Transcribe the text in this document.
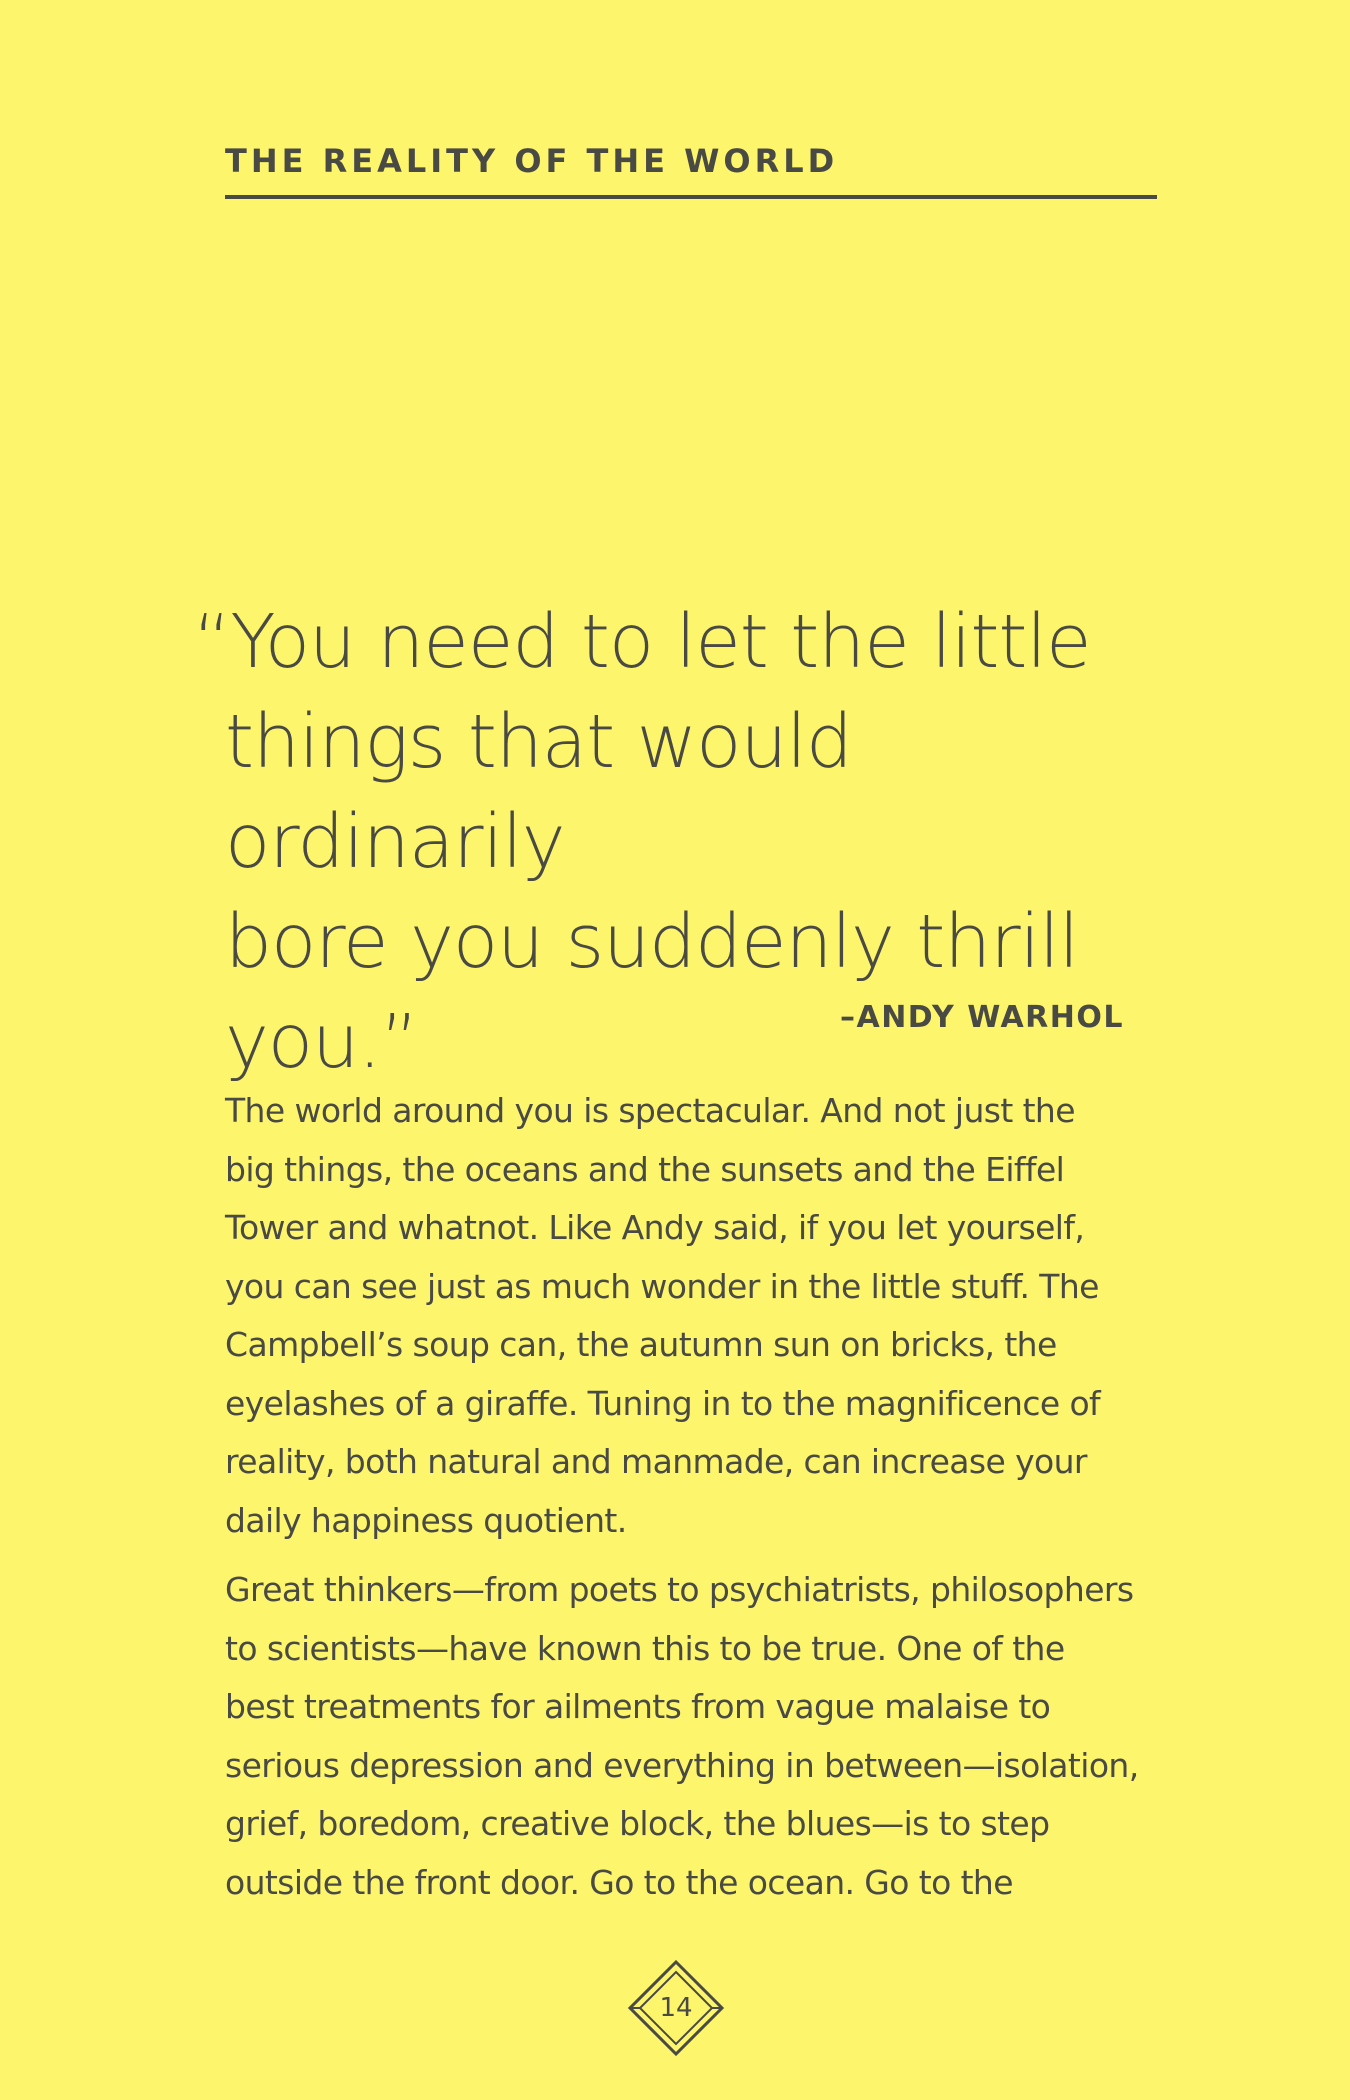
THE REALITY OF THE WORLD
“You need to let the little
things that would ordinarily
bore you suddenly thrill
you.”	–ANDY WARHOL

The world around you is spectacular. And not just the
big things, the oceans and the sunsets and the Eiffel
Tower and whatnot. Like Andy said, if you let yourself,
you can see just as much wonder in the little stuff. The
Campbell’s soup can, the autumn sun on bricks, the
eyelashes of a giraffe. Tuning in to the magnificence of
reality, both natural and manmade, can increase your
daily happiness quotient.

Great thinkers—from poets to psychiatrists, philosophers
to scientists—have known this to be true. One of the
best treatments for ailments from vague malaise to
serious depression and everything in between—isolation,
grief, boredom, creative block, the blues—is to step
outside the front door. Go to the ocean. Go to the

14
